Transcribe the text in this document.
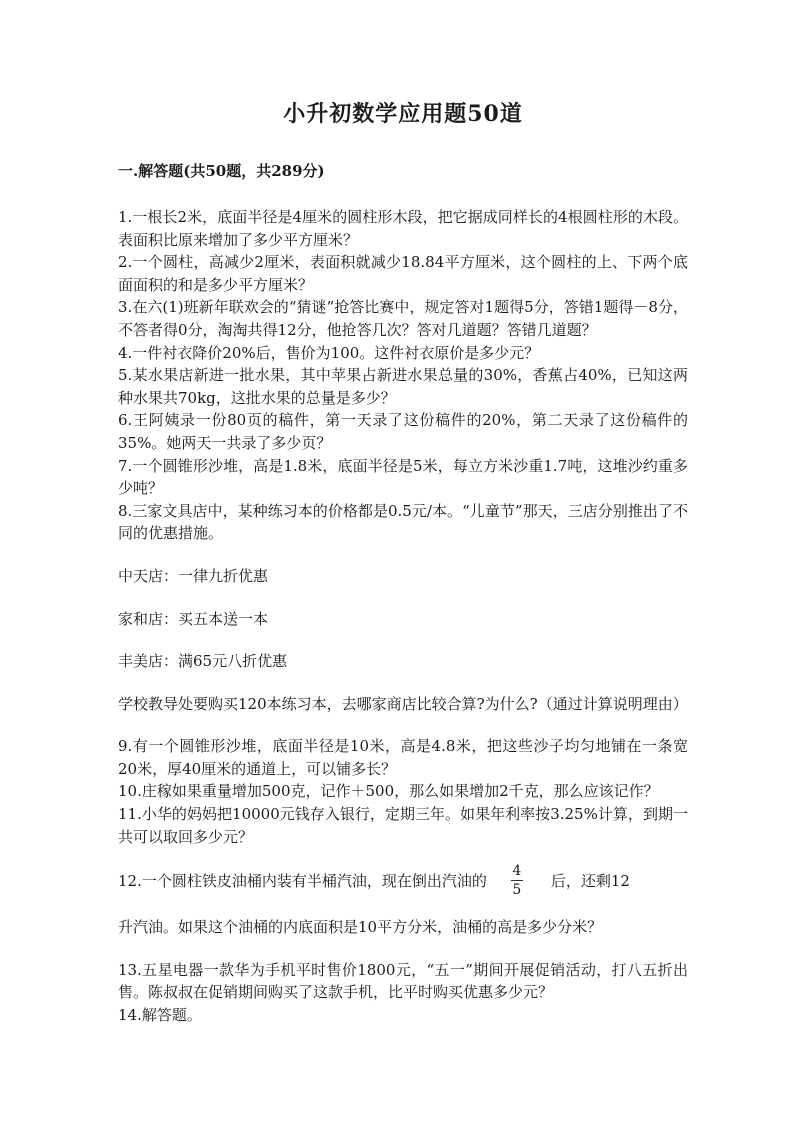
小升初数学应用题50道
一.解答题(共50题，共289分)

1.一根长2米，底面半径是4厘米的圆柱形木段，把它据成同样长的4根圆柱形的木段。表面积比原来增加了多少平方厘米？

2.一个圆柱，高减少2厘米，表面积就减少18.84平方厘米，这个圆柱的上、下两个底面面积的和是多少平方厘米？

3.在六(1)班新年联欢会的“猜谜”抢答比赛中，规定答对1题得5分，答错1题得－8分，不答者得0分，淘淘共得12分，他抢答几次？答对几道题？答错几道题？

4.一件衬衣降价20%后，售价为100。这件衬衣原价是多少元？

5.某水果店新进一批水果，其中苹果占新进水果总量的30%，香蕉占40%，已知这两种水果共70kg，这批水果的总量是多少？

6.王阿姨录一份80页的稿件，第一天录了这份稿件的20%，第二天录了这份稿件的35%。她两天一共录了多少页？

7.一个圆锥形沙堆，高是1.8米，底面半径是5米，每立方米沙重1.7吨，这堆沙约重多少吨？

8.三家文具店中，某种练习本的价格都是0.5元/本。“儿童节”那天，三店分别推出了不同的优惠措施。

中天店：一律九折优惠

家和店：买五本送一本

丰美店：满65元八折优惠

学校教导处要购买120本练习本，去哪家商店比较合算?为什么?（通过计算说明理由）

9.有一个圆锥形沙堆，底面半径是10米，高是4.8米，把这些沙子均匀地铺在一条宽20米，厚40厘米的通道上，可以铺多长？

10.庄稼如果重量增加500克，记作＋500，那么如果增加2千克，那么应该记作？

11.小华的妈妈把10000元钱存入银行，定期三年。如果年利率按3.25%计算，到期一共可以取回多少元？

12.一个圆柱铁皮油桶内装有半桶汽油，现在倒出汽油的 $\frac{4}{5}$ 后，还剩12

升汽油。如果这个油桶的内底面积是10平方分米，油桶的高是多少分米？

13.五星电器一款华为手机平时售价1800元，“五一”期间开展促销活动，打八五折出售。陈叔叔在促销期间购买了这款手机，比平时购买优惠多少元？

14.解答题。
